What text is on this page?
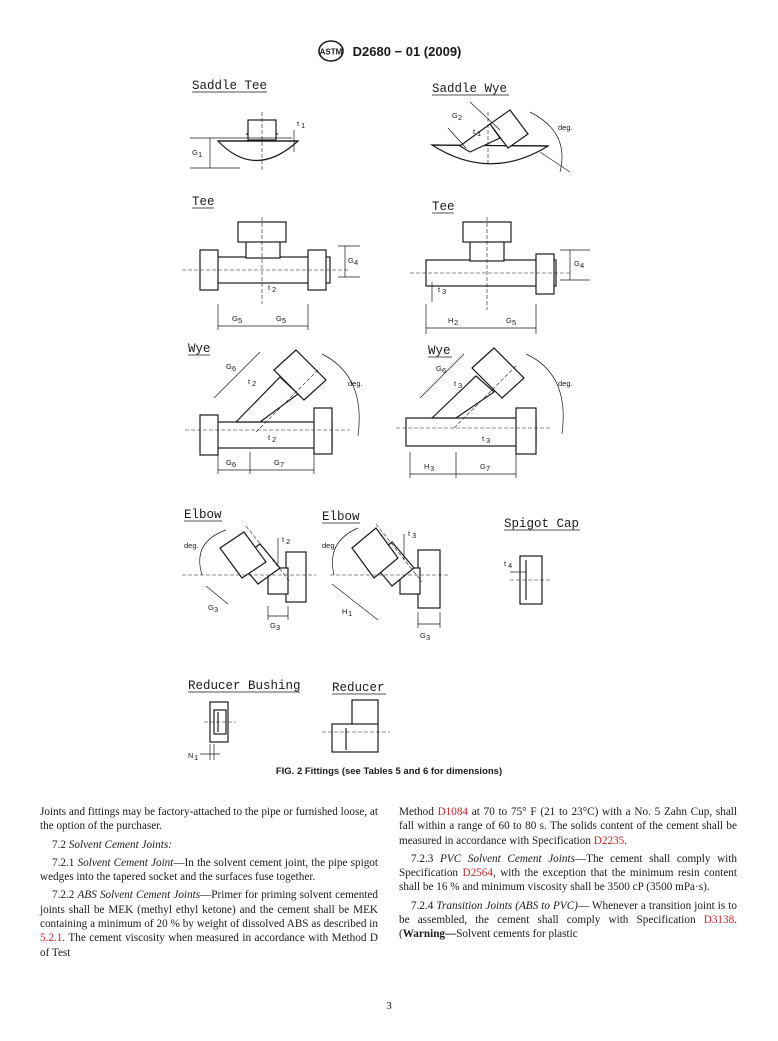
ASTM D2680 − 01 (2009)
Saddle Tee
G 1
t 1
Saddle Wye
G 2
t 1
deg.
Tee
G 4
t 2
G 5	G 5
Tee
G 4
t 3
H 2	G 5
Wye
G 6
t 2
t 2
deg.
G 6	G 7
Wye
G 6
t 3
t 3
deg.
H 3	G 7
Elbow
deg.
t 2
G 3
G 3
Elbow
deg.
t 3
H 1
G 3
Spigot Cap
t 4
Reducer Bushing
N 1
Reducer
FIG. 2 Fittings (see Tables 5 and 6 for dimensions)

Joints and fittings may be factory-attached to the pipe or furnished loose, at the option of the purchaser.

7.2 Solvent Cement Joints:

7.2.1 Solvent Cement Joint—In the solvent cement joint, the pipe spigot wedges into the tapered socket and the surfaces fuse together.

7.2.2 ABS Solvent Cement Joints—Primer for priming solvent cemented joints shall be MEK (methyl ethyl ketone) and the cement shall be MEK containing a minimum of 20 % by weight of dissolved ABS as described in 5.2.1. The cement viscosity when measured in accordance with Method D of Test

Method D1084 at 70 to 75° F (21 to 23°C) with a No. 5 Zahn Cup, shall fall within a range of 60 to 80 s. The solids content of the cement shall be measured in accordance with Specification D2235.

7.2.3 PVC Solvent Cement Joints—The cement shall comply with Specification D2564, with the exception that the minimum resin content shall be 16 % and minimum viscosity shall be 3500 cP (3500 mPa·s).

7.2.4 Transition Joints (ABS to PVC)— Whenever a transition joint is to be assembled, the cement shall comply with Specification D3138. (Warning—Solvent cements for plastic

3
